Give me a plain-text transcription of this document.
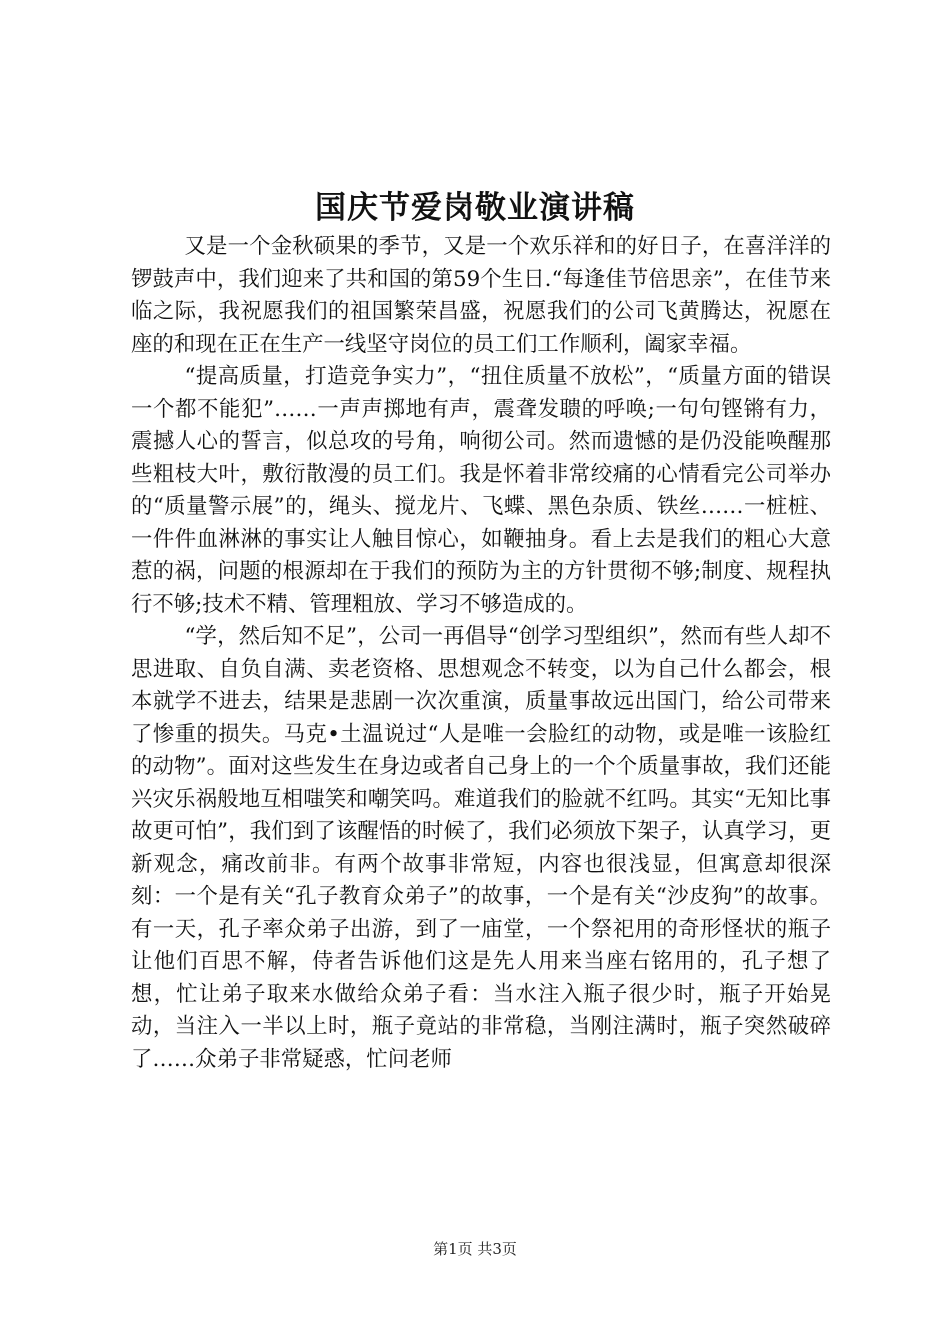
国庆节爱岗敬业演讲稿

又是一个金秋硕果的季节，又是一个欢乐祥和的好日子，在喜洋洋的锣鼓声中，我们迎来了共和国的第59个生日.“每逢佳节倍思亲”，在佳节来临之际，我祝愿我们的祖国繁荣昌盛，祝愿我们的公司飞黄腾达，祝愿在座的和现在正在生产一线坚守岗位的员工们工作顺利，阖家幸福。

“提高质量，打造竞争实力”，“扭住质量不放松”，“质量方面的错误一个都不能犯”……一声声掷地有声，震聋发聩的呼唤;一句句铿锵有力，震撼人心的誓言，似总攻的号角，响彻公司。然而遗憾的是仍没能唤醒那些粗枝大叶，敷衍散漫的员工们。我是怀着非常绞痛的心情看完公司举办的“质量警示展”的，绳头、搅龙片、飞蝶、黑色杂质、铁丝……一桩桩、一件件血淋淋的事实让人触目惊心，如鞭抽身。看上去是我们的粗心大意惹的祸，问题的根源却在于我们的预防为主的方针贯彻不够;制度、规程执行不够;技术不精、管理粗放、学习不够造成的。

“学，然后知不足”，公司一再倡导“创学习型组织”，然而有些人却不思进取、自负自满、卖老资格、思想观念不转变，以为自己什么都会，根本就学不进去，结果是悲剧一次次重演，质量事故远出国门，给公司带来了惨重的损失。马克•土温说过“人是唯一会脸红的动物，或是唯一该脸红的动物”。面对这些发生在身边或者自己身上的一个个质量事故，我们还能兴灾乐祸般地互相嗤笑和嘲笑吗。难道我们的脸就不红吗。其实“无知比事故更可怕”，我们到了该醒悟的时候了，我们必须放下架子，认真学习，更新观念，痛改前非。有两个故事非常短，内容也很浅显，但寓意却很深刻：一个是有关“孔子教育众弟子”的故事，一个是有关“沙皮狗”的故事。有一天，孔子率众弟子出游，到了一庙堂，一个祭祀用的奇形怪状的瓶子让他们百思不解，侍者告诉他们这是先人用来当座右铭用的，孔子想了想，忙让弟子取来水做给众弟子看：当水注入瓶子很少时，瓶子开始晃动，当注入一半以上时，瓶子竟站的非常稳，当刚注满时，瓶子突然破碎了……众弟子非常疑惑，忙问老师

第1页 共3页
